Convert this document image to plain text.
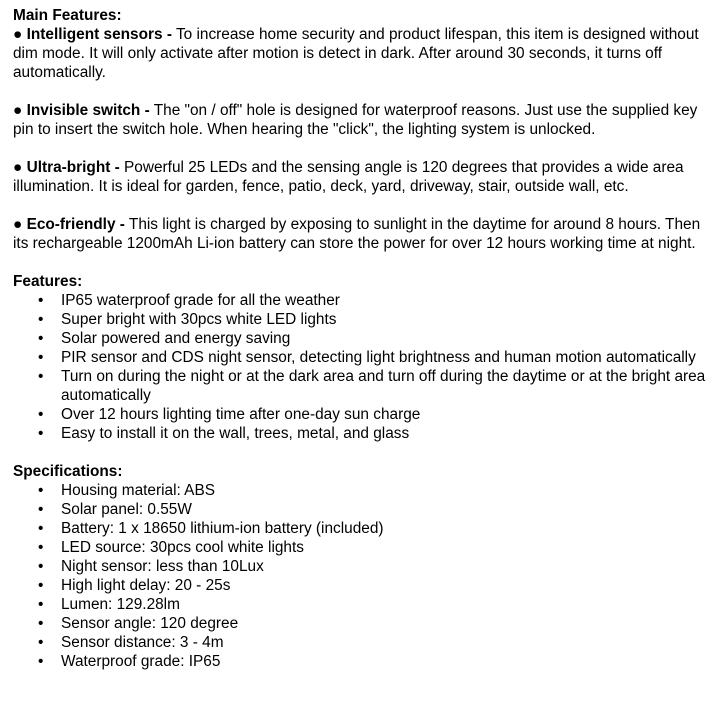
Main Features:

● Intelligent sensors - To increase home security and product lifespan, this item is designed without dim mode. It will only activate after motion is detect in dark. After around 30 seconds, it turns off automatically.

● Invisible switch - The "on / off" hole is designed for waterproof reasons. Just use the supplied key pin to insert the switch hole. When hearing the "click", the lighting system is unlocked.

● Ultra-bright - Powerful 25 LEDs and the sensing angle is 120 degrees that provides a wide area illumination. It is ideal for garden, fence, patio, deck, yard, driveway, stair, outside wall, etc.

● Eco-friendly - This light is charged by exposing to sunlight in the daytime for around 8 hours. Then its rechargeable 1200mAh Li-ion battery can store the power for over 12 hours working time at night.

Features:

• IP65 waterproof grade for all the weather
• Super bright with 30pcs white LED lights
• Solar powered and energy saving
• PIR sensor and CDS night sensor, detecting light brightness and human motion automatically
• Turn on during the night or at the dark area and turn off during the daytime or at the bright area automatically
• Over 12 hours lighting time after one-day sun charge
• Easy to install it on the wall, trees, metal, and glass

Specifications:

• Housing material: ABS
• Solar panel: 0.55W
• Battery: 1 x 18650 lithium-ion battery (included)
• LED source: 30pcs cool white lights
• Night sensor: less than 10Lux
• High light delay: 20 - 25s
• Lumen: 129.28lm
• Sensor angle: 120 degree
• Sensor distance: 3 - 4m
• Waterproof grade: IP65
